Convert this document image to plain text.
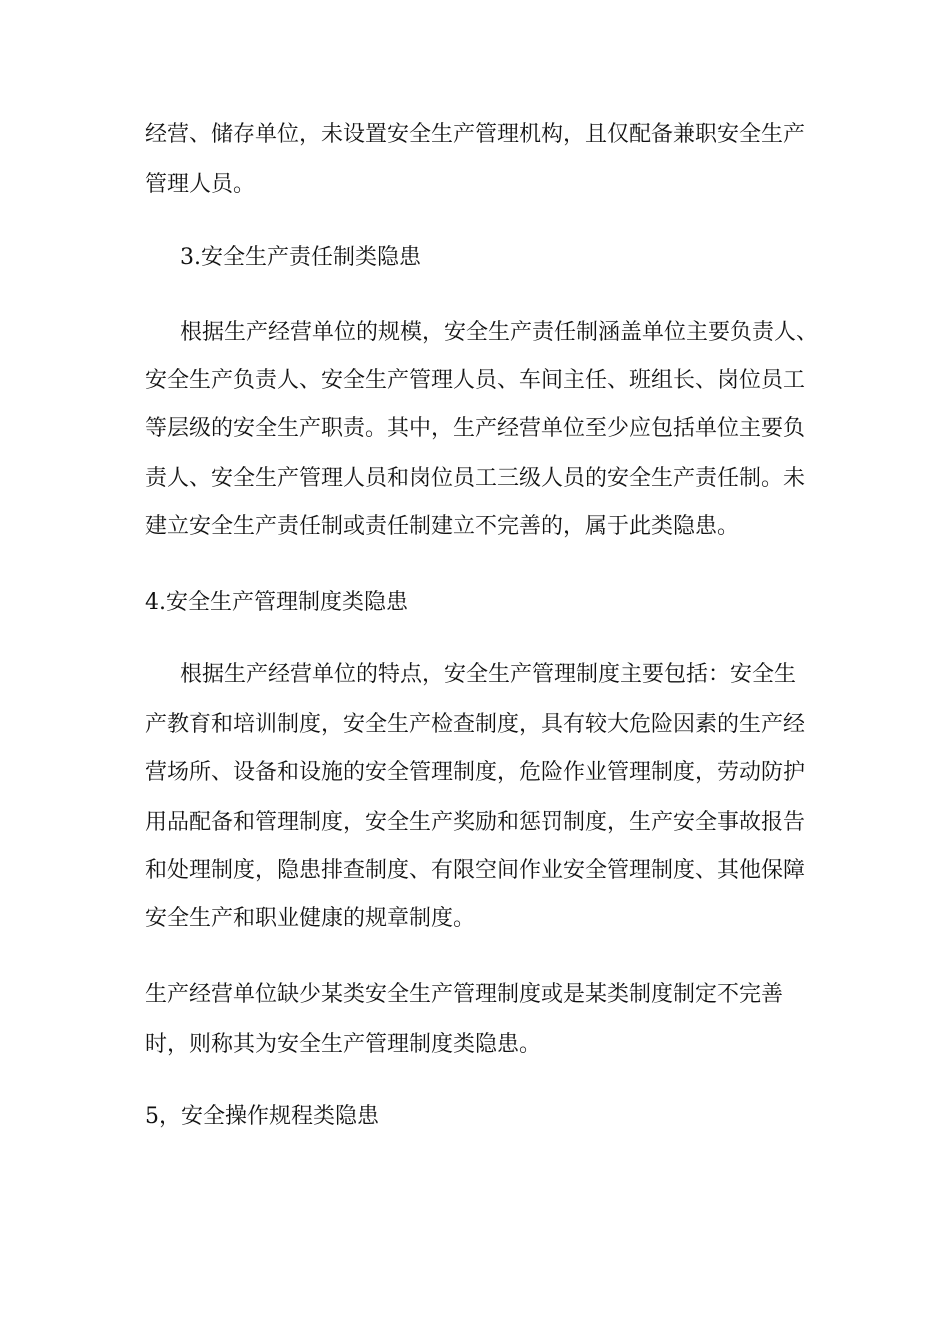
经营、储存单位，未设置安全生产管理机构，且仅配备兼职安全生产
管理人员。
3.安全生产责任制类隐患
根据生产经营单位的规模，安全生产责任制涵盖单位主要负责人、
安全生产负责人、安全生产管理人员、车间主任、班组长、岗位员工
等层级的安全生产职责。其中，生产经营单位至少应包括单位主要负
责人、安全生产管理人员和岗位员工三级人员的安全生产责任制。未
建立安全生产责任制或责任制建立不完善的，属于此类隐患。
4.安全生产管理制度类隐患
根据生产经营单位的特点，安全生产管理制度主要包括：安全生
产教育和培训制度，安全生产检查制度，具有较大危险因素的生产经
营场所、设备和设施的安全管理制度，危险作业管理制度，劳动防护
用品配备和管理制度，安全生产奖励和惩罚制度，生产安全事故报告
和处理制度，隐患排查制度、有限空间作业安全管理制度、其他保障
安全生产和职业健康的规章制度。
生产经营单位缺少某类安全生产管理制度或是某类制度制定不完善
时，则称其为安全生产管理制度类隐患。
5，安全操作规程类隐患
